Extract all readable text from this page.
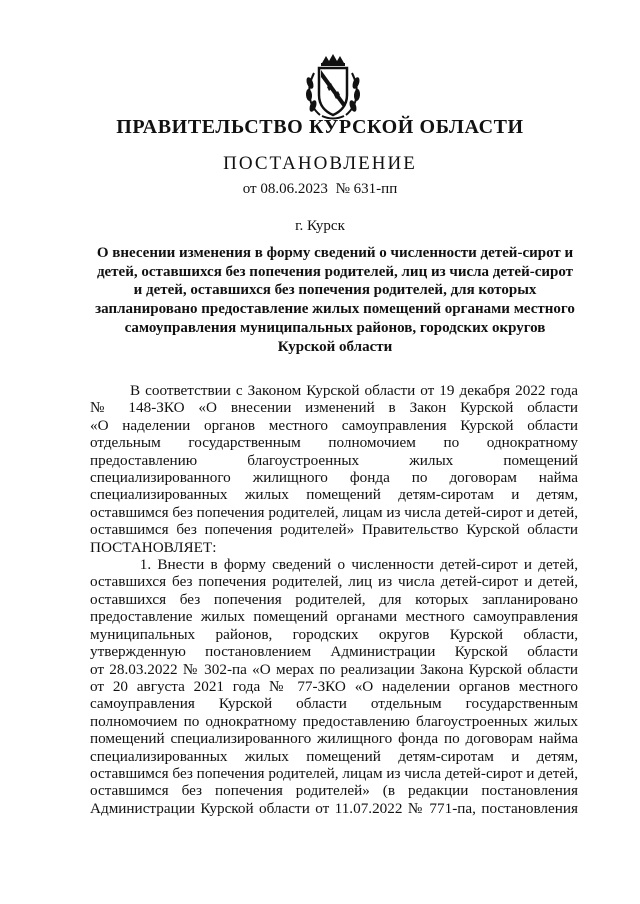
ПРАВИТЕЛЬСТВО КУРСКОЙ ОБЛАСТИ
ПОСТАНОВЛЕНИЕ
от 08.06.2023 № 631-пп
г. Курск
О внесении изменения в форму сведений о численности детей-сирот и
детей, оставшихся без попечения родителей, лиц из числа детей-сирот
и детей, оставшихся без попечения родителей, для которых
запланировано предоставление жилых помещений органами местного
самоуправления муниципальных районов, городских округов
Курской области

В соответствии с Законом Курской области от 19 декабря 2022 года

№ 148-ЗКО «О внесении изменений в Закон Курской области

«О наделении органов местного самоуправления Курской области

отдельным государственным полномочием по однократному

предоставлению благоустроенных жилых помещений

специализированного жилищного фонда по договорам найма

специализированных жилых помещений детям-сиротам и детям,

оставшимся без попечения родителей, лицам из числа детей-сирот и детей,

оставшимся без попечения родителей» Правительство Курской области

ПОСТАНОВЛЯЕТ:

1. Внести в форму сведений о численности детей-сирот и детей,

оставшихся без попечения родителей, лиц из числа детей-сирот и детей,

оставшихся без попечения родителей, для которых запланировано

предоставление жилых помещений органами местного самоуправления

муниципальных районов, городских округов Курской области,

утвержденную постановлением Администрации Курской области

от 28.03.2022 № 302-па «О мерах по реализации Закона Курской области

от 20 августа 2021 года № 77-ЗКО «О наделении органов местного

самоуправления Курской области отдельным государственным

полномочием по однократному предоставлению благоустроенных жилых

помещений специализированного жилищного фонда по договорам найма

специализированных жилых помещений детям-сиротам и детям,

оставшимся без попечения родителей, лицам из числа детей-сирот и детей,

оставшимся без попечения родителей» (в редакции постановления

Администрации Курской области от 11.07.2022 № 771-па, постановления
